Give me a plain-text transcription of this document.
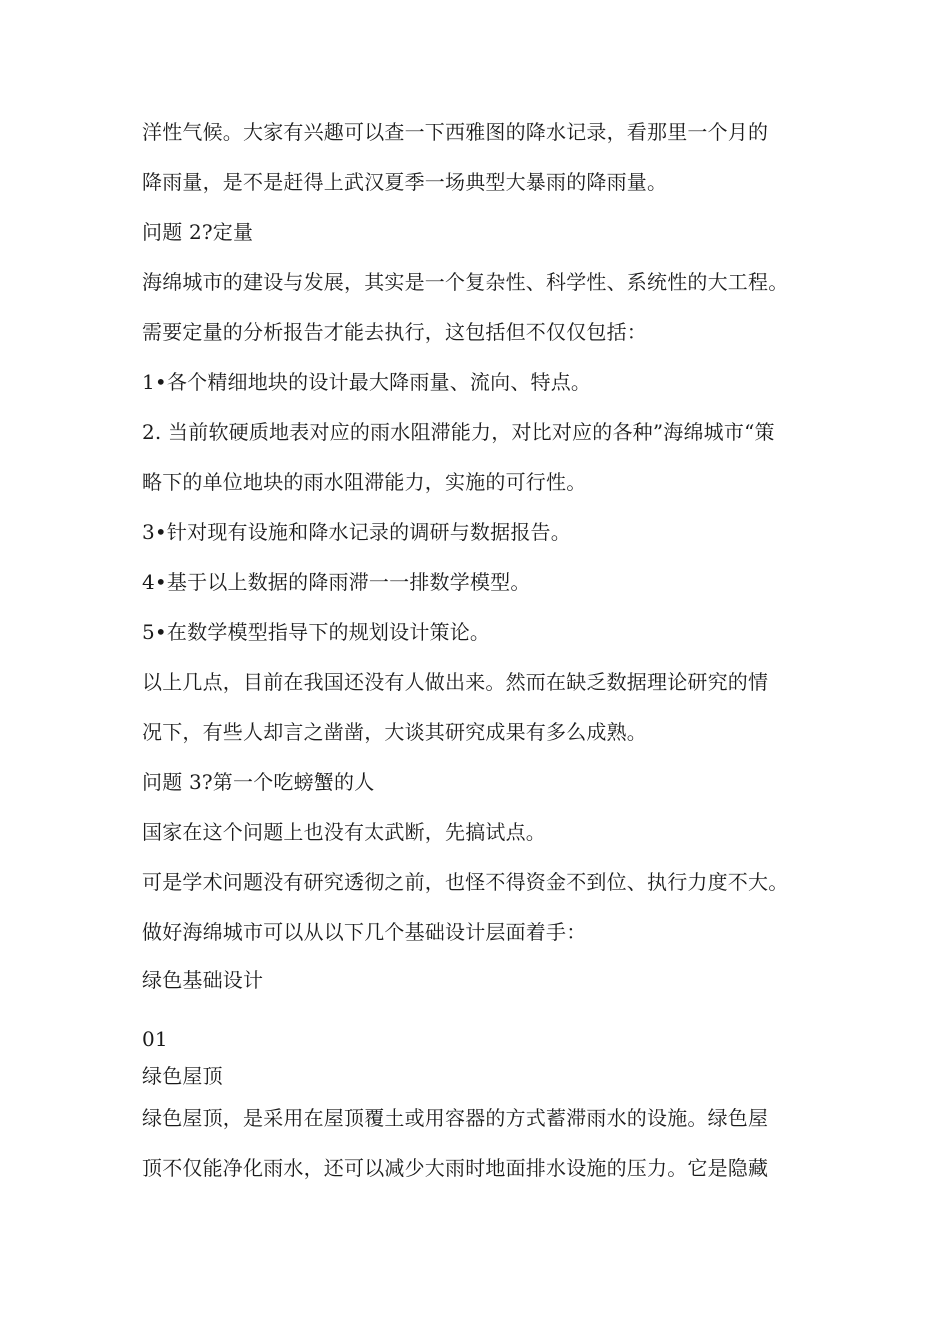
洋性气候。大家有兴趣可以查一下西雅图的降水记录，看那里一个月的
降雨量，是不是赶得上武汉夏季一场典型大暴雨的降雨量。
问题 2?定量
海绵城市的建设与发展，其实是一个复杂性、科学性、系统性的大工程。
需要定量的分析报告才能去执行，这包括但不仅仅包括：
1•各个精细地块的设计最大降雨量、流向、特点。
2. 当前软硬质地表对应的雨水阻滞能力，对比对应的各种”海绵城市“策
略下的单位地块的雨水阻滞能力，实施的可行性。
3•针对现有设施和降水记录的调研与数据报告。
4•基于以上数据的降雨滞一一排数学模型。
5•在数学模型指导下的规划设计策论。
以上几点，目前在我国还没有人做出来。然而在缺乏数据理论研究的情
况下，有些人却言之凿凿，大谈其研究成果有多么成熟。
问题 3?第一个吃螃蟹的人
国家在这个问题上也没有太武断，先搞试点。
可是学术问题没有研究透彻之前，也怪不得资金不到位、执行力度不大。
做好海绵城市可以从以下几个基础设计层面着手：
绿色基础设计
01
绿色屋顶
绿色屋顶，是采用在屋顶覆土或用容器的方式蓄滞雨水的设施。绿色屋
顶不仅能净化雨水，还可以减少大雨时地面排水设施的压力。它是隐藏
